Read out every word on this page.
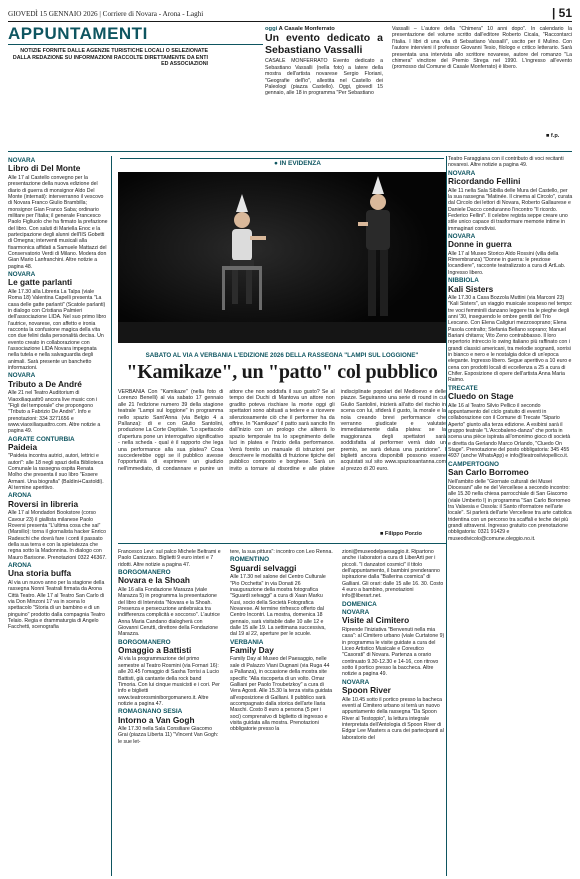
GIOVEDÌ 15 GENNAIO 2026 | Corriere di Novara - Arona - Laghi	| 51
APPUNTAMENTI
NOTIZIE FORNITE DALLE AGENZIE TURISTICHE LOCALI O SELEZIONATE DALLA REDAZIONE SU INFORMAZIONI RACCOLTE DIRETTAMENTE DA ENTI ED ASSOCIAZIONI
oggi A Casale Monferrato
Un evento dedicato a Sebastiano Vassalli
CASALE MONFERRATO Evento dedicato a Sebastiano Vassalli (nella foto) a latere della mostra dell'artista novarese Sergio Floriani, "Geografie dell'io", allestita nel Castello dei Paleologi (piazza Castello). Oggi, giovedì 15 gennaio, alle 18 in programma "Per Sebastiano
Vassalli – L'autore della "Chimera" 10 anni dopo". In calendario la presentazione del volume scritto dall'editore Roberto Cicala, "Raccontarci l'Italia. I libri di una vita di Sebastiano Vassalli", uscito per il Mulino. Con l'autore intervieni il professor Giovanni Tesio, filologo e critico letterario. Sarà presentata una intervista allo scrittore novarese, autore del romanzo "La chimera" vincitore del Premio Strega nel 1990. L'ingresso all'evento (promosso dal Comune di Casale Monferrato) è libero.
■ f.p.
NOVARA
Libro di Del Monte

Alle 17 al Castello convegno per la presentazione della nuova edizione del diario di guerra di monsignor Aldo Del Monte (internati): interverranno il vescovo di Novara Franco Giulio Brambilla; monsignor Gian Franco Saba; ordinario militare per l'Italia; il generale Francesco Paolo Figliuolo che ha firmato la prefazione del libro. Con saluti di Mariella Enoc e la partecipazione degli alunni dell'IIS Gobetti di Omegna; interventi musicali alla fisarmonica affidati a Samuele Mattazzi del Conservatorio Verdi di Milano. Modera don Gian Mario Lanfranchini. Altre notizie a pagina 48.

NOVARA
Le gatte parlanti

Alle 17.30 alla Libreria La Talpa (viale Roma 18) Valentina Capelli presenta "La casa delle gatte parlanti" (Scatole parlanti) in dialogo con Cristiana Palmieri dell'associazione LIDA. Nel suo primo libro l'autrice, novarese, con affetto e ironia racconta la confusione magica della vita con due felini dalla personalità decisa. Un evento creato in collaborazione con l'associazione LIDA Novara impegnata nella tutela e nella salvaguardia degli animali. Sarà presente un banchetto informazioni.

NOVARA
Tributo a De André

Alle 21 nel Teatro Auditorium di Viaoxiliaquattr0 ancora live music con i "Figli del temporale" che propongono "Tributo a Fabrizio De André". Info e prenotazioni: 334 3271656 e www.viaoxiliaquattro.com. Altre notizie a pagina 49.

AGRATE CONTURBIA
Paideia

"Paideia incontra autrici, autori, lettrici e autori": alle 18 negli spazi della Biblioteca Comunale la rassegna ospita Renata Molho che presenta il suo libro "Essere Armani. Una biografia" (Baldini+Castoldi). Al termine aperitivo.

ARONA
Roversi in libreria

Alle 17 al Mondadori Bookstore (corso Cavour 23) il giallista milanese Paolo Roversi presenta "L'ultima cosa che sai" (Marsilio): torna il giornalista hacker Enrico Radeschi che dovrà fare i conti il passato della sua terra e con la spietatezza che regna sotto la Madonnina. In dialogo con Mauro Barisone. Prenotazioni 0322 46367.

ARONA
Una storia buffa

Al via un nuovo anno per la stagione della rassegna Nonni Teatrali firmata da Arona Città Teatro. Alle 17 al Teatro San Carlo di via Don Minzoni 17 va in scena lo spettacolo "Storia di un bambino e di un pinguino" prodotto dalla compagnia Teatro Telaio. Regia e drammaturgia di Angelo Facchetti, scenografia

● IN EVIDENZA
SABATO AL VIA A VERBANIA L'EDIZIONE 2026 DELLA RASSEGNA "LAMPI SUL LOGGIONE"
"Kamikaze", un "patto" col pubblico
VERBANIA Con "Kamikaze" (nella foto di Lorenzo Benelli) al via sabato 17 gennaio alle 21 l'edizione numero 39 della stagione teatrale "Lampi sul loggione" in programma nello spazio Sant'Anna (via Belgio 4 a Pallanza): di e con Giulio Santolini, produzione La Corte Ospitale. "Lo spettacolo d'apertura pone un interrogativo significativo - nella scheda - qual è il rapporto che lega una performance alla sua platea? Cosa succederebbe oggi se il pubblico avesse l'opportunità di esprimere un giudizio nell'immediato, di condannare e punire un attore che non soddisfa il suo gusto? Se al tempo dei Duchi di Mantova un attore non gradito poteva rischiare la morte oggi gli spettatori sono abituati a tedere e a ricevere silenziosamente ciò che il performer ha da offrire. In "Kamikaze" il patto sarà sancito fin dall'inizio con un prologo che aliterrà lo spazio temporale tra lo spegnimento delle luci in platea e l'inizio della performance. Verrà fornito un manuale di istruzioni per descrivere le modalità di fruizione tipiche del pubblico composto e borghese. Sarà un invito a tornare al disordine e alle platee indisciplinate popolari del Medioevo e delle piazze. Seguiranno una serie di round in cui Giulio Santolini, inizierà all'atto del rischio in scena con lui, sfiderà il gusto, la morale e la noia creando brevi performance che verranno giudicate e valutate immediatamente dalla platea: se la maggioranza degli spettatori sarà soddisfatta al performer verrà dato un premio, se sarà delusa una punizione". I biglietti ancora disponibili possono essere acquistati sul sito www.spaziosantanna.com al prezzo di 20 euro.
■ Filippo Porzio

Francesco Levi: sul palco Michele Beltrami e Paolo Canizzaro. Biglietti 9 euro interi e 7 ridotti. Altre notizie a pagina 47.

BORGOMANERO
Novara e la Shoah

Alle 16 alla Fondazione Marazza (viale Marazza 5) in programma la presentazione del libro di Intervista "Novara e la Shoah. Presenza e persecuzione antiebraica tra indifferenza complicità e soccorso". L'autrice Anna Maria Candano dialogherà con Giovanni Cerutti, direttore della Fondazione Marazza.

BORGOMANERO
Omaggio a Battisti

Al via la programmazione del primo semestre al Teatro Rosmini (via Fornari 16): alle 20.45 l'omaggio di Sasha Torrisi a Lucio Battisti, già cantante della rock band Timoria. Con lui cinque musicisti e i cori. Per info e biglietti www.teatrorosminiborgomanero.it. Altre notizie a pagina 47.

ROMAGNANO SESIA
Intorno a Van Gogh

Alle 17.30 nella Sala Consiliare Giacomo Grai (piazza Liberta 11) "Vincent Van Gogh: le sue let-

tere, la sua pittura": incontro con Leo Renna.

ROMENTINO
Sguardi selvaggi

Alle 17.30 nel salone del Centro Culturale "Pio Occhetta" in via Donati 26 inaugurazione della mostra fotografica "Sguardi selvaggi" a cura di Xaan Marku Kusi, socio della Società Fotografica Novarese. Al termine rinfresco offerto dal Centro Incontri. La mostra, domenica 18 gennaio, sarà visitabile dalle 10 alle 12 e dalle 15 alle 19. La settimana successiva, dal 19 al 22, aperture per le scuole.

VERBANIA
Family Day

Family Day al Museo del Paesaggio, nelle sale di Palazzo Viani Dugnani (via Ruga 44 a Pallanza), in occasione della mostra site specific "Alla riscoperta di un volto. Omar Galliani per Paolo Troubetzkoy" a cura di Vera Agosti. Alle 15.30 la terza visita guidata all'esposizione di Galliani. Il pubblico sarà accompagnato dalla storica dell'arte Ilaria Maschi. Costo 8 euro a persona (5 per i soci) comprensivo di biglietto di ingresso e visita guidata alla mostra. Prenotazioni obbligatorie presso la

zioni@museodelpaesaggio.it. Ripartono anche i laboratori a cura di LiberArti per i piccoli. "I danzatori cosmici" il titolo dell'appuntamento, il bambini prenderanno ispirazione dalla "Ballerina cosmica" di Galliani. Gli orari: dalle 15 alle 16. 30. Costo 4 euro a bambino, prenotazioni info@liberart.net.

DOMENICA
NOVARA
Visite al Cimitero

Riprende l'iniziativa "Benvenuti nella mia casa": al Cimitero urbano (viale Curtatone 9) in programma le visite guidate a cura del Liceo Artistico Musicale e Coreutico "Casorati" di Novara. Partenza a orario continuato 9.30-12.30 e 14-16, con ritrovo sotto il portico presso la baccheca. Altre notizie a pagina 49.

NOVARA
Spoon River

Alle 10.45 sotto il portico presso la bacheca eventi al Cimitero urbano si terrà un nuovo appuntamento della rassegna "Da Spoon River al Testoppio", la lettura integrale interpretata dell'Antologia di Spoon River di Edgar Lee Masters a cura dei partecipanti al laboratorio del

Teatro Faraggiana con il contributo di voci recitanti novaresi. Altre notizie a pagina 49.

NOVARA
Ricordando Fellini

Alle 11 nella Sala Sibilla delle Mura del Castello, per la sua rassegna "Matinée. Il cinema al Circolo", curata dal Circolo dei lettori di Novara, Roberto Gallaurese e Daniele Dacco conduranno l'incontro "Il ricordo. Federico Fellini". Il celebre regista seppe creare uno stile unico capace di trasformare memorie intime in immaginari condivisi.

NOVARA
Donne in guerra

Alle 17 al Museo Storico Aldo Rossini (villa della Rimembranza) "Donne in guerra: le preziose locandiere", racconte teatralizzato a cura di ArtLab. Ingresso libero.

NIBBIOLA
Kali Sisters

Alle 17.30 a Casa Bozzola Muttini (via Marconi 23) "Kali Sisters", un viaggio musicale sospeso nel tempo: tre voci femminili danzano leggere tra le pieghe degli anni '30, inseguendo le ombre gentili del Trio Lescano. Con Elena Caligiuri mezzosoprano; Elena Pasola contralto; Stefania Bellano soprano; Manuel Bariani chitarra; Vito Zeno contrabbasso. Il loro repertorio intreccio lo swing italiano più raffinato con i grandi classici americani, tra melodie sognanti, sorrisi in bianco e nero e le nostalgia dolce di un'epoca elegante. Ingresso libero. Segue aperitivo a 10 euro e cena con prodotti locali di eccellenza a 25 a cura di Chifer. Esposizione di opere dell'artista Anna Maria Raimo.

TRECATE
Cluedo on Stage

Alle 16 al Teatro Silvio Pellico il secondo appuntamento del ciclo gratuito di eventi in collaborazione con il Comune di Trecate "Sipario Aperto" giunto alla terza edizione. A esibirsi sarà il gruppo teatrale "L'Arcobaleno-danza" che porta in scena una pièce ispirata all'omonimo gioco di società e diretta da Gerlando Marco Orlando, "Cluedo On Stage". Prenotazione del posto obbligatoria: 345 455 4937 (anche WhatsApp) e info@teatrosilviopellico.it.

CAMPERTOGNO
San Carlo Borromeo

Nell'ambito delle "Giornate culturali dei Musei Diocesani" alle ne del Vercellese a secondo incontro: alle 15.30 nella chiesa parrocchiale di San Giacomo (viale Umberto I) in programma "San Carlo Borromeo tra Valsesia e Ossola: il Santo riformatore nell'arte locale". Si parlerà dell'arte Vercellese tra arte cattolica tridentina con un percorso tra scaffali e teche dei più grandi attraversi. Ingresso gratuito con prenotazione obbligatoria: 0321 91429 e museodivicolo@comune.oleggio.no.it.
